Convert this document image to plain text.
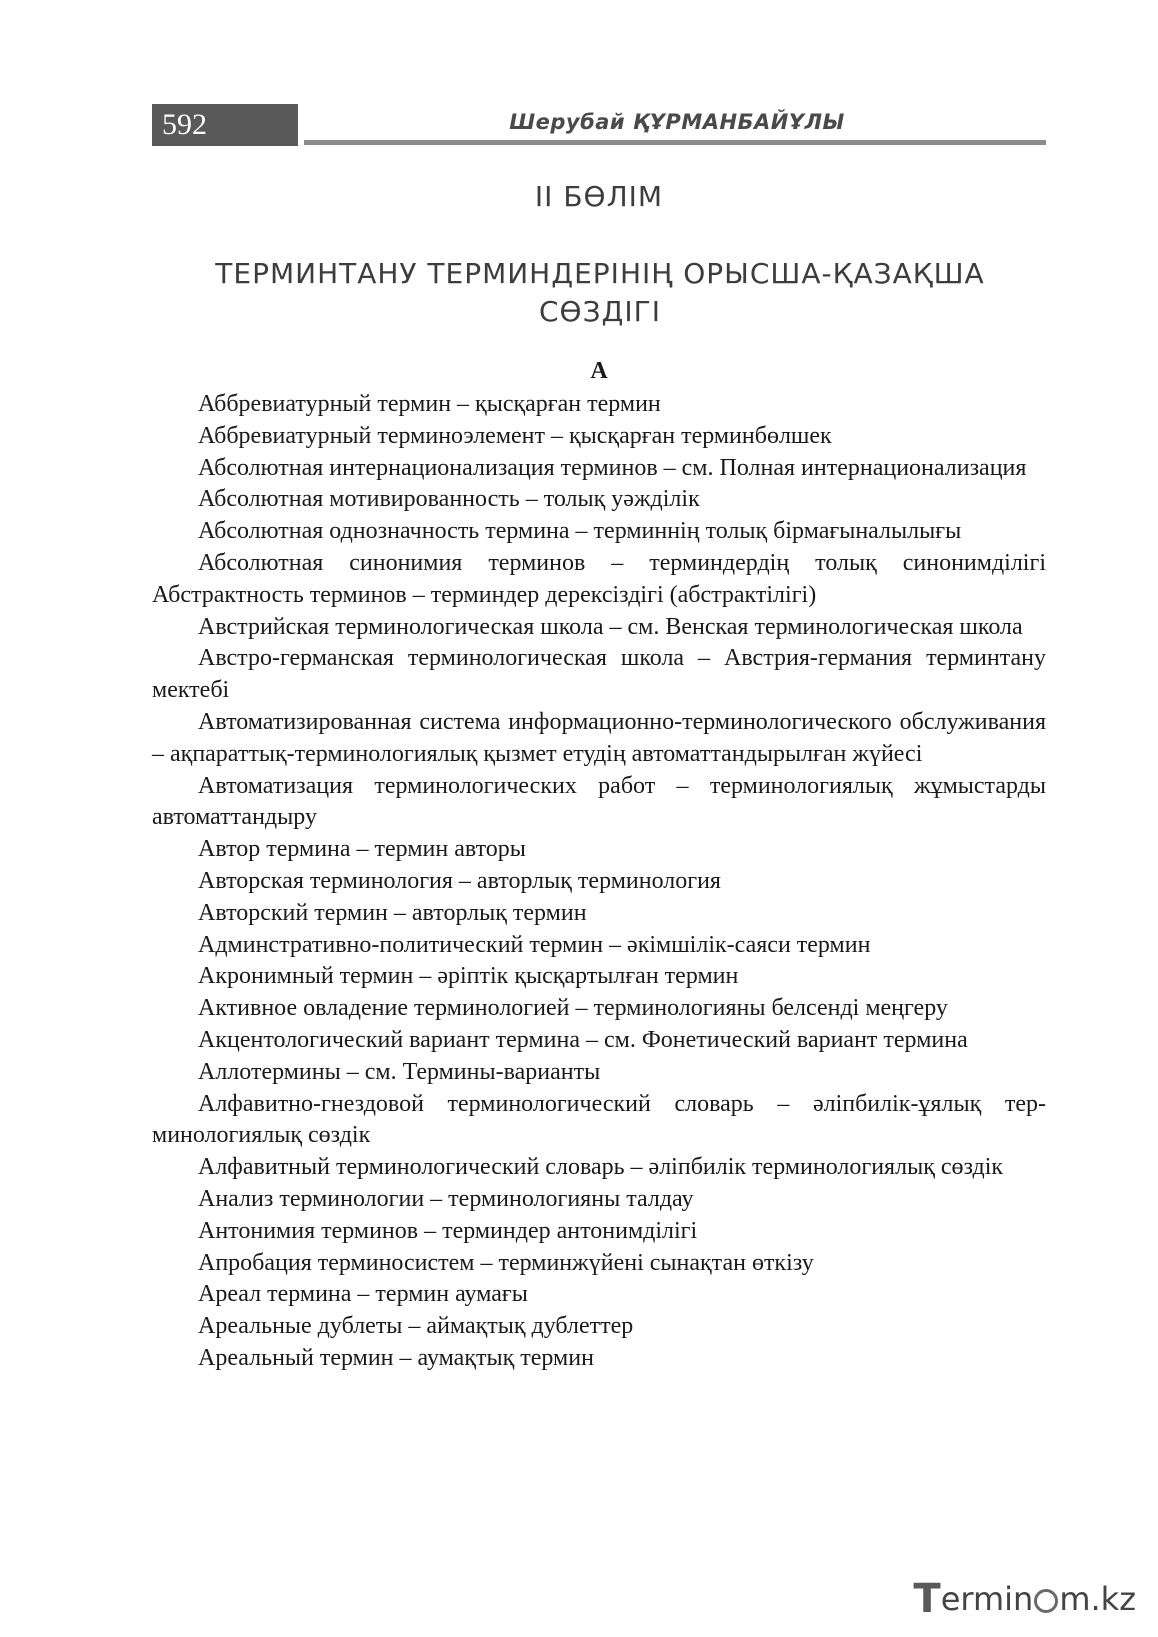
592	Шерубай ҚҰРМАНБАЙҰЛЫ
II БӨЛІМ
ТЕРМИНТАНУ ТЕРМИНДЕРІНІҢ ОРЫСША-ҚАЗАҚША СӨЗДІГІ
А

Аббревиатурный термин – қысқарған термин

Аббревиатурный терминоэлемент – қысқарған терминбөлшек

Абсолютная интернационализация терминов – см. Полная интернационализация

Абсолютная мотивированность – толық уәжділік

Абсолютная однозначность термина – терминнің толық бірмағыналылығы

Абсолютная синонимия терминов – терминдердің толық синонимділігі

Абстрактность терминов – терминдер дерексіздігі (абстрактілігі)

Австрийская терминологическая школа – см. Венская терминологическая школа

Австро-германская терминологическая школа – Австрия-германия терминтану мектебі

Автоматизированная система информационно-терминологического обслуживания – ақпараттық-терминологиялық қызмет етудің автоматтандырылған жүйесі

Автоматизация терминологических работ – терминологиялық жұмыстарды автоматтандыру

Автор термина – термин авторы

Авторская терминология – авторлық терминология

Авторский термин – авторлық термин

Админстративно-политический термин – әкімшілік-саяси термин

Акронимный термин – әріптік қысқартылған термин

Активное овладение терминологией – терминологияны белсенді меңгеру

Акцентологический вариант термина – см. Фонетический вариант термина

Аллотермины – см. Термины-варианты

Алфавитно-гнездовой терминологический словарь – әліпбилік-ұялық терминологиялық сөздік

Алфавитный терминологический словарь – әліпбилік терминологиялық сөздік

Анализ терминологии – терминологияны талдау

Антонимия терминов – терминдер антонимділігі

Апробация терминосистем – терминжүйені сынақтан өткізу

Ареал термина – термин аумағы

Ареальные дублеты – аймақтық дублеттер

Ареальный термин – аумақтық термин

T ermin m.kz
